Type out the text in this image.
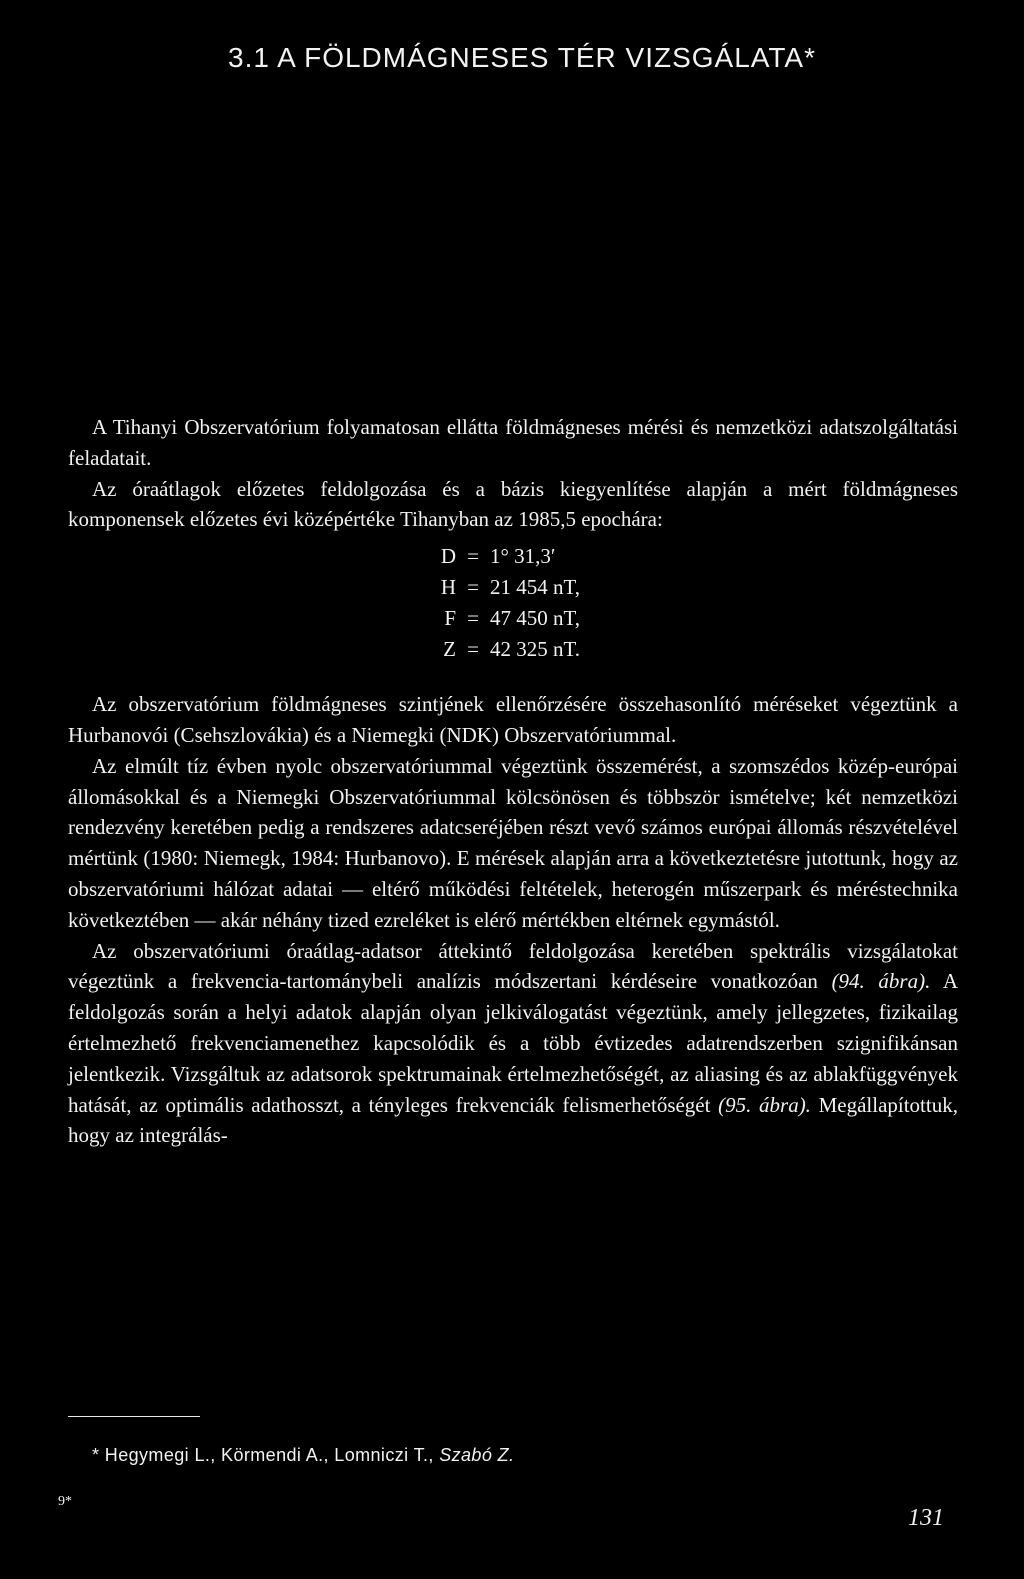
3.1 A FÖLDMÁGNESES TÉR VIZSGÁLATA*

A Tihanyi Obszervatórium folyamatosan ellátta földmágneses mérési és nemzetközi adatszolgáltatási feladatait.

Az óraátlagok előzetes feldolgozása és a bázis kiegyenlítése alapján a mért földmágneses komponensek előzetes évi középértéke Tihanyban az 1985,5 epochára:

D = 1° 31,3′
H = 21 454 nT,
F = 47 450 nT,
Z = 42 325 nT.

Az obszervatórium földmágneses szintjének ellenőrzésére összehasonlító méréseket végeztünk a Hurbanovói (Csehszlovákia) és a Niemegki (NDK) Obszervatóriummal.

Az elmúlt tíz évben nyolc obszervatóriummal végeztünk összemérést, a szomszédos közép-európai állomásokkal és a Niemegki Obszervatóriummal kölcsönösen és többször ismételve; két nemzetközi rendezvény keretében pedig a rendszeres adatcseréjében részt vevő számos európai állomás részvételével mértünk (1980: Niemegk, 1984: Hurbanovo). E mérések alapján arra a következtetésre jutottunk, hogy az obszervatóriumi hálózat adatai — eltérő működési feltételek, heterogén műszerpark és méréstechnika következtében — akár néhány tized ezreléket is elérő mértékben eltérnek egymástól.

Az obszervatóriumi óraátlag-adatsor áttekintő feldolgozása keretében spektrális vizsgálatokat végeztünk a frekvencia-tartománybeli analízis módszertani kérdéseire vonatkozóan (94. ábra). A feldolgozás során a helyi adatok alapján olyan jelkiválogatást végeztünk, amely jellegzetes, fizikailag értelmezhető frekvenciamenethez kapcsolódik és a több évtizedes adatrendszerben szignifikánsan jelentkezik. Vizsgáltuk az adatsorok spektrumainak értelmezhetőségét, az aliasing és az ablakfüggvények hatását, az optimális adathosszt, a tényleges frekvenciák felismerhetőségét (95. ábra). Megállapítottuk, hogy az integrálás-

* Hegymegi L., Körmendi A., Lomniczi T., Szabó Z.
9*
131
